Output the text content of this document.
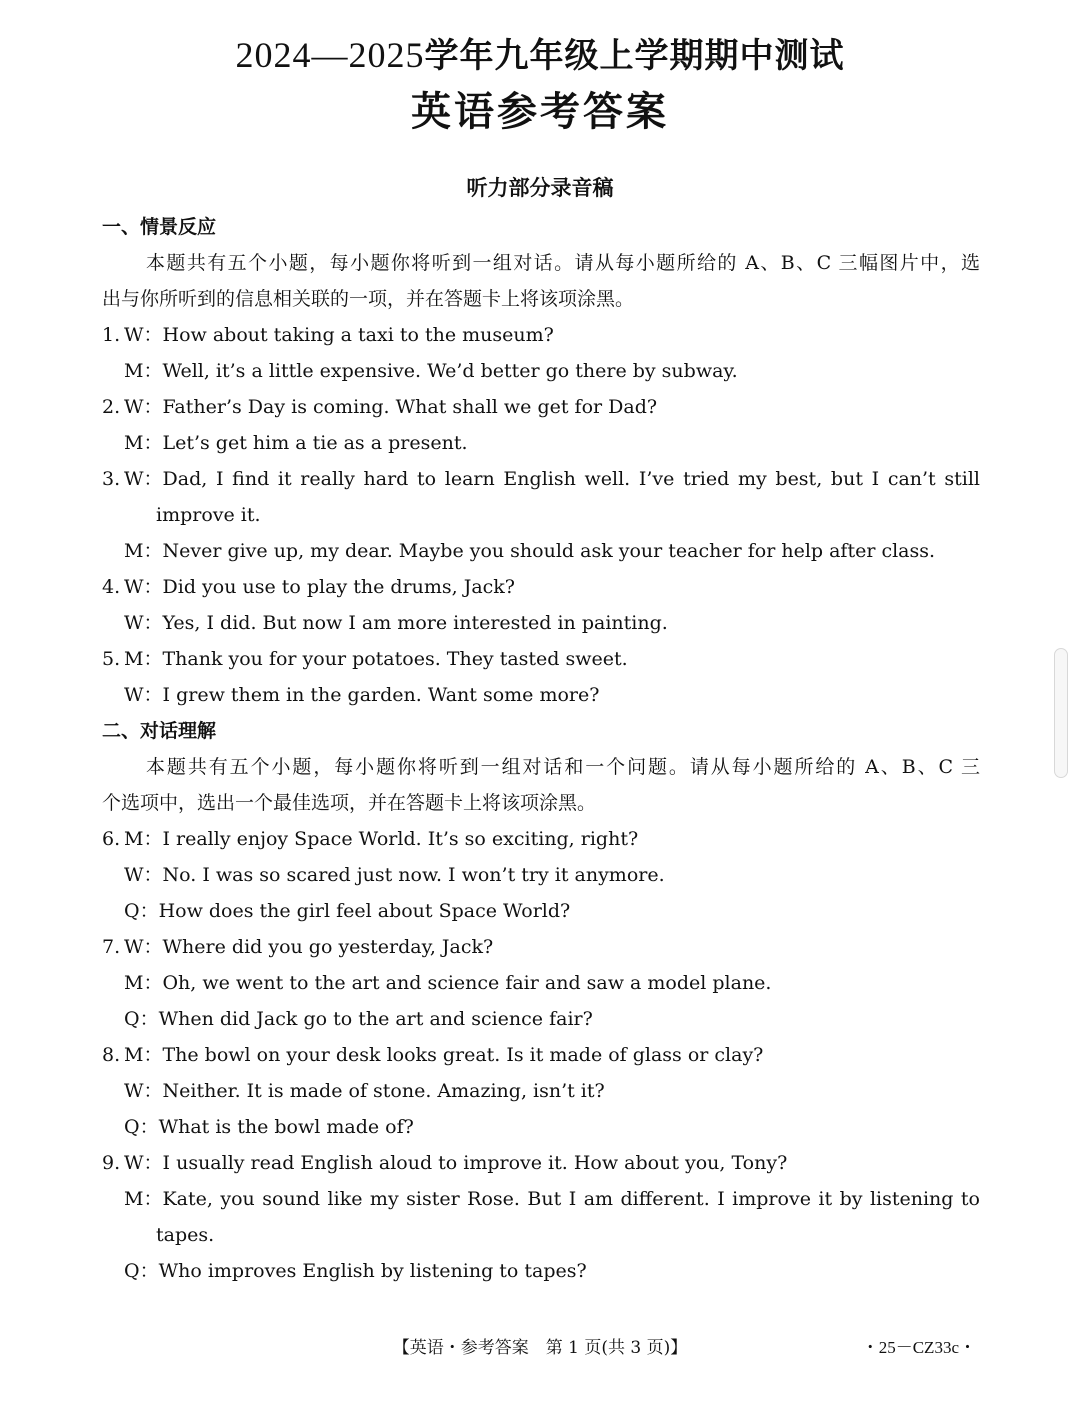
2024—2025学年九年级上学期期中测试
英语参考答案
听力部分录音稿
一、情景反应
本题共有五个小题，每小题你将听到一组对话。请从每小题所给的 A、B、C 三幅图片中，选
出与你所听到的信息相关联的一项，并在答题卡上将该项涂黑。
1. W：How about taking a taxi to the museum?
M：Well, it’s a little expensive. We’d better go there by subway.
2. W：Father’s Day is coming. What shall we get for Dad?
M：Let’s get him a tie as a present.
3. W：Dad, I find it really hard to learn English well. I’ve tried my best, but I can’t still
improve it.
M：Never give up, my dear. Maybe you should ask your teacher for help after class.
4. W：Did you use to play the drums, Jack?
W：Yes, I did. But now I am more interested in painting.
5. M：Thank you for your potatoes. They tasted sweet.
W：I grew them in the garden. Want some more?
二、对话理解
本题共有五个小题，每小题你将听到一组对话和一个问题。请从每小题所给的 A、B、C 三
个选项中，选出一个最佳选项，并在答题卡上将该项涂黑。
6. M：I really enjoy Space World. It’s so exciting, right?
W：No. I was so scared just now. I won’t try it anymore.
Q：How does the girl feel about Space World?
7. W：Where did you go yesterday, Jack?
M：Oh, we went to the art and science fair and saw a model plane.
Q：When did Jack go to the art and science fair?
8. M：The bowl on your desk looks great. Is it made of glass or clay?
W：Neither. It is made of stone. Amazing, isn’t it?
Q：What is the bowl made of?
9. W：I usually read English aloud to improve it. How about you, Tony?
M：Kate, you sound like my sister Rose. But I am different. I improve it by listening to
tapes.
Q：Who improves English by listening to tapes?
【英语・参考答案　第 1 页(共 3 页)】	・25－CZ33c・
